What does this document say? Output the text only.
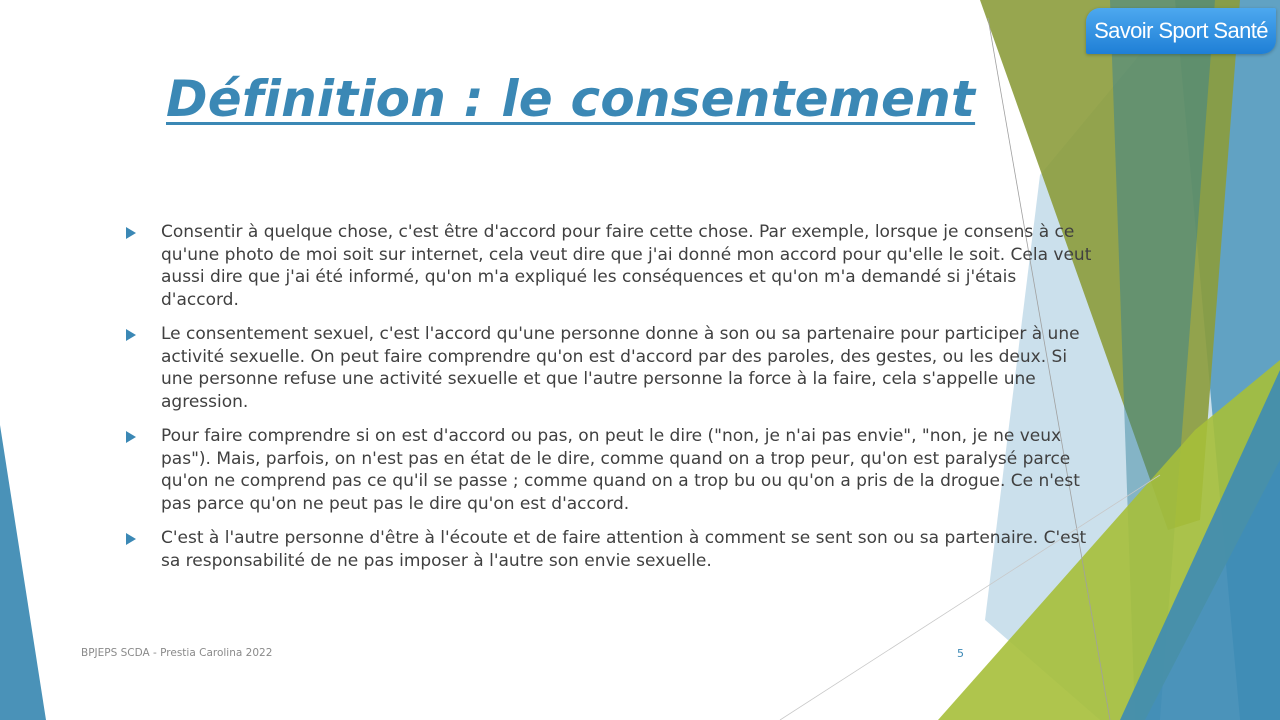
Savoir Sport Santé
Définition : le consentement
Consentir à quelque chose, c'est être d'accord pour faire cette chose. Par exemple, lorsque je consens à ce qu'une photo de moi soit sur internet, cela veut dire que j'ai donné mon accord pour qu'elle le soit. Cela veut aussi dire que j'ai été informé, qu'on m'a expliqué les conséquences et qu'on m'a demandé si j'étais d'accord.
Le consentement sexuel, c'est l'accord qu'une personne donne à son ou sa partenaire pour participer à une activité sexuelle. On peut faire comprendre qu'on est d'accord par des paroles, des gestes, ou les deux. Si une personne refuse une activité sexuelle et que l'autre personne la force à la faire, cela s'appelle une agression.
Pour faire comprendre si on est d'accord ou pas, on peut le dire ("non, je n'ai pas envie", "non, je ne veux pas"). Mais, parfois, on n'est pas en état de le dire, comme quand on a trop peur, qu'on est paralysé parce qu'on ne comprend pas ce qu'il se passe ; comme quand on a trop bu ou qu'on a pris de la drogue. Ce n'est pas parce qu'on ne peut pas le dire qu'on est d'accord.
C'est à l'autre personne d'être à l'écoute et de faire attention à comment se sent son ou sa partenaire. C'est sa responsabilité de ne pas imposer à l'autre son envie sexuelle.
BPJEPS SCDA - Prestia Carolina 2022	5
